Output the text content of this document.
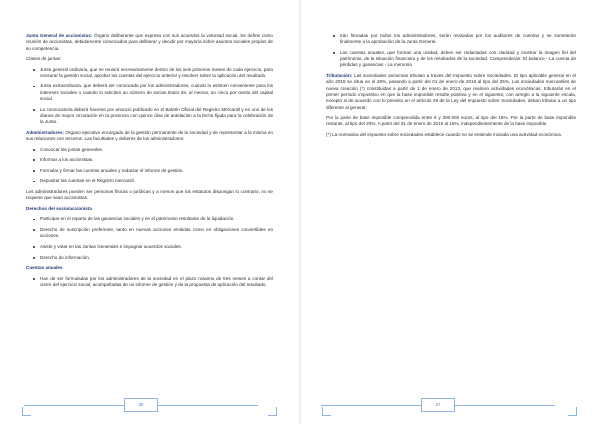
Junta General de accionistas: Órgano deliberante que expresa con sus acuerdos la voluntad social. Se define como reunión de accionistas, debidamente convocados para deliberar y decidir por mayoría sobre asuntos sociales propios de su competencia.

Clases de juntas:

Junta general ordinaria, que se reunirá necesariamente dentro de los seis primeros meses de cada ejercicio, para censurar la gestión social, aprobar las cuentas del ejercicio anterior y resolver sobre la aplicación del resultado.
Junta extraordinaria, que deberá ser convocada por los administradores, cuando lo estimen conveniente para los intereses sociales o cuando lo soliciten un número de socios titular de, al menos, un cinco por ciento del capital social.
La convocatoria deberá hacerse por anuncio publicado en el Boletín Oficial del Registro Mercantil y en uno de los diarios de mayor circulación en la provincia con quince días de antelación a la fecha fijada para la celebración de la Junta.

Administradores: Órgano ejecutivo encargado de la gestión permanente de la sociedad y de representar a la misma en sus relaciones con terceros. Las facultades y deberes de los administradores:

Convocar las juntas generales.
Informar a los accionistas.
Formular y firmar las cuentas anuales y redactar el informe de gestión.
Depositar las cuentas en el Registro mercantil.

Los administradores pueden ser personas físicas o jurídicas y a menos que los estatutos dispongan lo contrario, no se requiere que sean accionistas.

Derechos del socio/accionista

Participar en el reparto de las ganancias sociales y en el patrimonio resultante de la liquidación.
Derecho de suscripción preferente, tanto en nuevas acciones emitidas como en obligaciones convertibles en acciones.
Asistir y votar en las Juntas Generales e impugnar acuerdos sociales.
Derecho de información.

Cuentas anuales

Han de ser formuladas por los administradores de la sociedad en el plazo máximo de tres meses a contar del cierre del ejercicio social, acompañadas de un informe de gestión y de la propuesta de aplicación del resultado.
36
Irán firmadas por todos los administradores, serán revisadas por los auditores de cuentas y se someterán finalmente a la aprobación de la Junta General.
Las cuentas anuales, que forman una unidad, deben ser redactadas con claridad y mostrar la imagen fiel del patrimonio, de la situación financiera y de los resultados de la sociedad. Comprenderán: El balance - La cuenta de pérdidas y ganancias - La memoria

Tributación: Las sociedades anónimas tributan a través del Impuesto sobre Sociedades. El tipo aplicable general en el año 2015 se situa en el 28%, pasando a partir del 01 de enero de 2016 al tipo del 25%. Las sociedades mercantiles de nueva creación (*) constituidas a partir de 1 de enero de 2013, que realicen actividades económicas, tributarán en el primer período impositivo en que la base imponible resulte positiva y en el siguiente, con arreglo a la siguiente escala, excepto si de acuerdo con lo previsto en el artículo 29 de la Ley del Impuesto sobre Sociedades, deban tributar a un tipo diferente al general:

Por la parte de base imponible comprendida entre 0 y 300.000 euros, al tipo del 15%. Por la parte de base imponible restante, al tipo del 20%. A partir del 01 de enero de 2015 al 15%, independientemente de la base imponible.

(*) La normativa del impuesto sobre sociedades establece cuando no se entiende iniciada una actividad económica.

37
